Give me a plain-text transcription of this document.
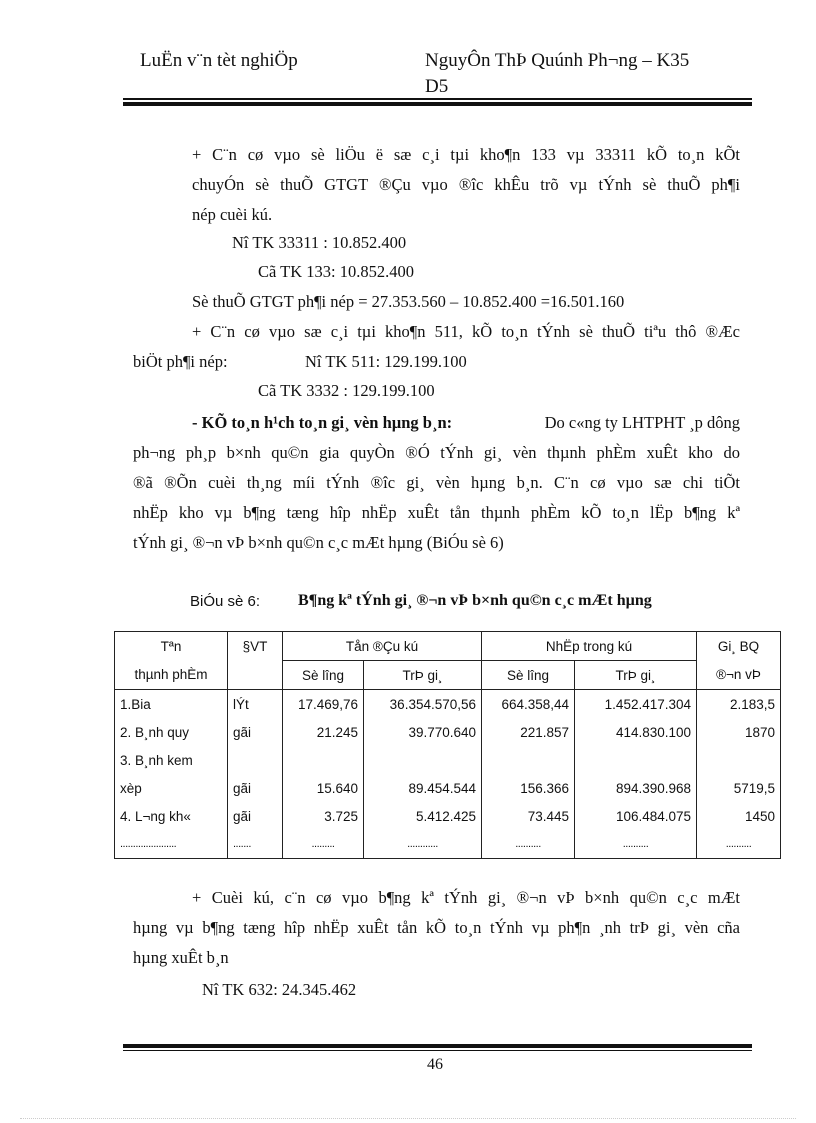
LuËn v¨n tèt nghiÖp	NguyÔn ThÞ Quúnh Ph¬ng – K35
D5
+ C¨n cø vµo sè liÖu ë sæ c¸i tµi kho¶n 133 vµ 33311 kÕ to¸n kÕt
chuyÓn sè thuÕ GTGT ®Çu vµo ®îc khÊu trõ vµ tÝnh sè thuÕ ph¶i
nép cuèi kú.
Nî TK 33311 : 10.852.400
Cã TK 133: 10.852.400
Sè thuÕ GTGT ph¶i nép = 27.353.560 – 10.852.400 =16.501.160
+ C¨n cø vµo sæ c¸i tµi kho¶n 511, kÕ to¸n tÝnh sè thuÕ tiªu thô ®Æc
biÖt ph¶i nép:	Nî TK 511: 129.199.100
Cã TK 3332 : 129.199.100
- KÕ to¸n h¹ch to¸n gi¸ vèn hµng b¸n:	Do c«ng ty LHTPHT ¸p dông
ph¬ng ph¸p b×nh qu©n gia quyÒn ®Ó tÝnh gi¸ vèn thµnh phÈm xuÊt kho do
®ã ®Õn cuèi th¸ng míi tÝnh ®îc gi¸ vèn hµng b¸n. C¨n cø vµo sæ chi tiÕt
nhËp kho vµ b¶ng tæng hîp nhËp xuÊt tån thµnh phÈm kÕ to¸n lËp b¶ng kª
tÝnh gi¸ ®¬n vÞ b×nh qu©n c¸c mÆt hµng (BiÓu sè 6)
BiÓu sè 6: B¶ng kª tÝnh gi¸ ®¬n vÞ b×nh qu©n c¸c mÆt hµng
Tªn	§VT	Tån ®Çu kú		NhËp trong kú		Gi¸ BQ
thµnh phÈm		Sè lîng	TrÞ gi¸	Sè lîng	TrÞ gi¸	®¬n vÞ
1.Bia	lÝt	17.469,76	36.354.570,56	664.358,44	1.452.417.304	2.183,5
2. B¸nh quy	gãi	21.245	39.770.640	221.857	414.830.100	1870
3. B¸nh kem						
xèp	gãi	15.640	89.454.544	156.366	894.390.968	5719,5
4. L¬ng kh«	gãi	3.725	5.412.425	73.445	106.484.075	1450
......................	.......	.........	............	..........	..........	..........
+ Cuèi kú, c¨n cø vµo b¶ng kª tÝnh gi¸ ®¬n vÞ b×nh qu©n c¸c mÆt
hµng vµ b¶ng tæng hîp nhËp xuÊt tån kÕ to¸n tÝnh vµ ph¶n ¸nh trÞ gi¸ vèn cña
hµng xuÊt b¸n
Nî TK 632: 24.345.462
46
